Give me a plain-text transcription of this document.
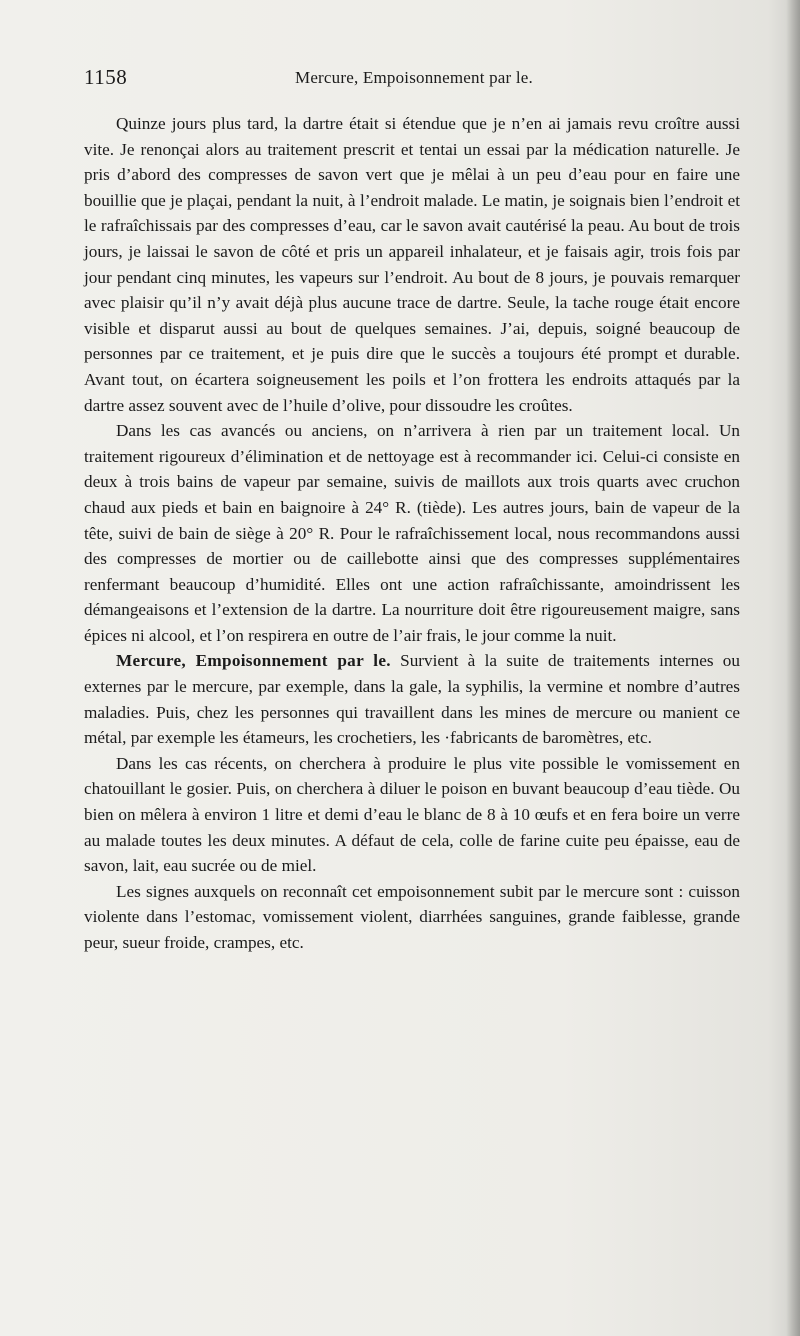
1158	Mercure, Empoisonnement par le.

Quinze jours plus tard, la dartre était si étendue que je n’en ai jamais revu croître aussi vite. Je renonçai alors au traitement prescrit et tentai un essai par la médication naturelle. Je pris d’abord des compresses de savon vert que je mêlai à un peu d’eau pour en faire une bouillie que je plaçai, pendant la nuit, à l’endroit malade. Le matin, je soignais bien l’endroit et le rafraîchissais par des compresses d’eau, car le savon avait cautérisé la peau. Au bout de trois jours, je laissai le savon de côté et pris un appareil inhalateur, et je faisais agir, trois fois par jour pendant cinq minutes, les vapeurs sur l’endroit. Au bout de 8 jours, je pouvais remarquer avec plaisir qu’il n’y avait déjà plus aucune trace de dartre. Seule, la tache rouge était encore visible et disparut aussi au bout de quelques semaines. J’ai, depuis, soigné beaucoup de personnes par ce traitement, et je puis dire que le succès a toujours été prompt et durable. Avant tout, on écartera soigneusement les poils et l’on frottera les endroits attaqués par la dartre assez souvent avec de l’huile d’olive, pour dissoudre les croûtes.

Dans les cas avancés ou anciens, on n’arrivera à rien par un traitement local. Un traitement rigoureux d’élimination et de nettoyage est à recommander ici. Celui-ci consiste en deux à trois bains de vapeur par semaine, suivis de maillots aux trois quarts avec cruchon chaud aux pieds et bain en baignoire à 24° R. (tiède). Les autres jours, bain de vapeur de la tête, suivi de bain de siège à 20° R. Pour le rafraîchissement local, nous recommandons aussi des compresses de mortier ou de caillebotte ainsi que des compresses supplémentaires renfermant beaucoup d’humidité. Elles ont une action rafraîchissante, amoindrissent les démangeaisons et l’extension de la dartre. La nourriture doit être rigoureusement maigre, sans épices ni alcool, et l’on respirera en outre de l’air frais, le jour comme la nuit.

Mercure, Empoisonnement par le. Survient à la suite de traitements internes ou externes par le mercure, par exemple, dans la gale, la syphilis, la vermine et nombre d’autres maladies. Puis, chez les personnes qui travaillent dans les mines de mercure ou manient ce métal, par exemple les étameurs, les crochetiers, les ·fabricants de baromètres, etc.

Dans les cas récents, on cherchera à produire le plus vite possible le vomissement en chatouillant le gosier. Puis, on cherchera à diluer le poison en buvant beaucoup d’eau tiède. Ou bien on mêlera à environ 1 litre et demi d’eau le blanc de 8 à 10 œufs et en fera boire un verre au malade toutes les deux minutes. A défaut de cela, colle de farine cuite peu épaisse, eau de savon, lait, eau sucrée ou de miel.

Les signes auxquels on reconnaît cet empoisonnement subit par le mercure sont : cuisson violente dans l’estomac, vomissement violent, diarrhées sanguines, grande faiblesse, grande peur, sueur froide, crampes, etc.
